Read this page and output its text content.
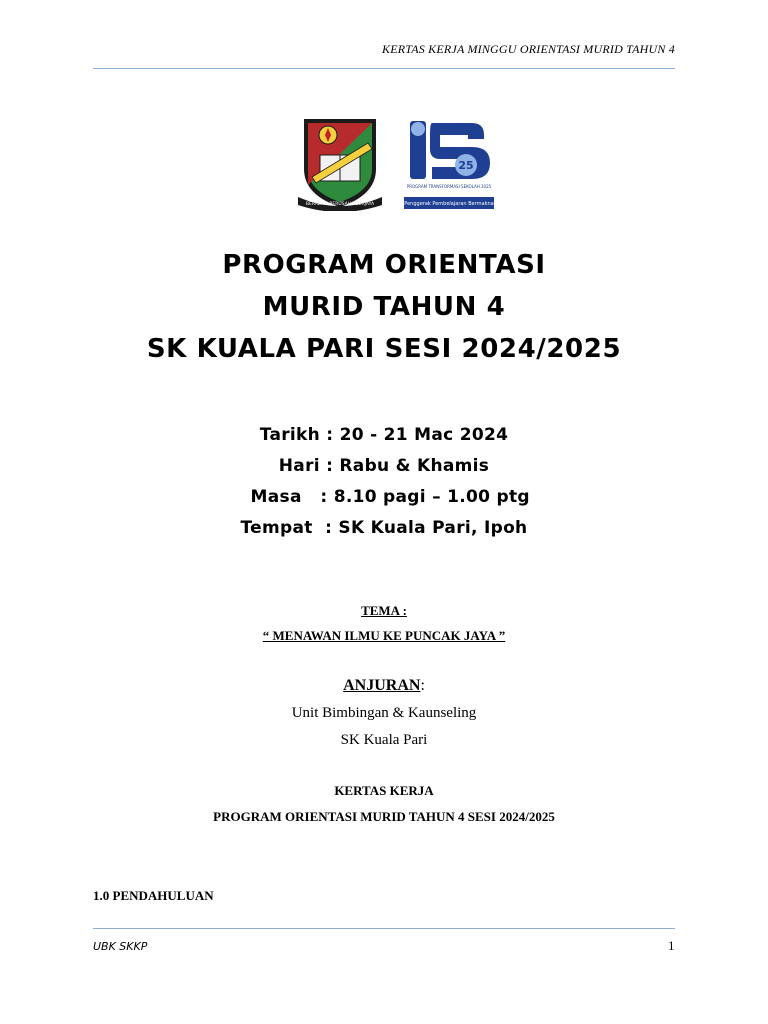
KERTAS KERJA MINGGU ORIENTASI MURID TAHUN 4
BERAZAM BERUSAHA BERJAYA
25
PROGRAM TRANSFORMASI SEKOLAH 2025
Penggerak Pembelajaran Bermakna
PROGRAM ORIENTASI
MURID TAHUN 4
SK KUALA PARI SESI 2024/2025
Tarikh : 20 - 21 Mac 2024
Hari : Rabu & Khamis
Masa   : 8.10 pagi – 1.00 ptg
Tempat  : SK Kuala Pari, Ipoh
TEMA :
“ MENAWAN ILMU KE PUNCAK JAYA ”
ANJURAN:
Unit Bimbingan & Kaunseling
SK Kuala Pari
KERTAS KERJA
PROGRAM ORIENTASI MURID TAHUN 4 SESI 2024/2025
1.0 PENDAHULUAN
UBK SKKP	1
